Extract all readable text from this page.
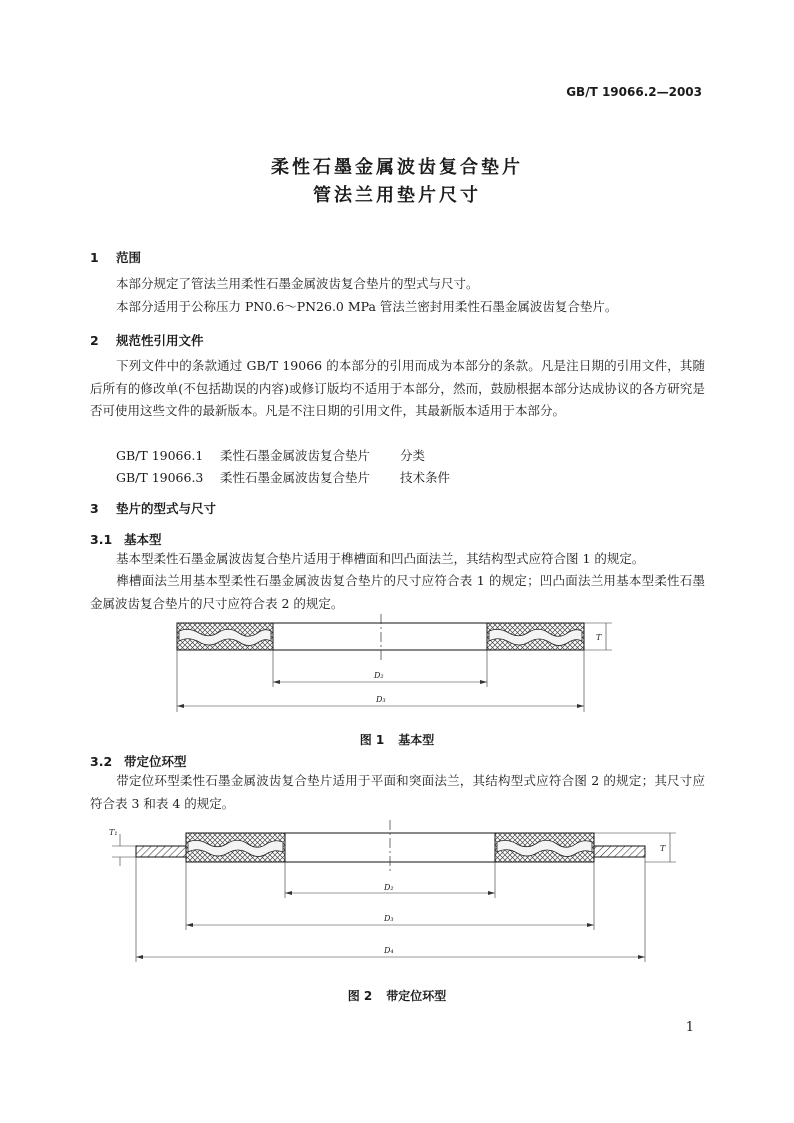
GB/T 19066.2—2003
柔性石墨金属波齿复合垫片
管法兰用垫片尺寸
1 范围
本部分规定了管法兰用柔性石墨金属波齿复合垫片的型式与尺寸。
本部分适用于公称压力 PN0.6～PN26.0 MPa 管法兰密封用柔性石墨金属波齿复合垫片。
2 规范性引用文件
下列文件中的条款通过 GB/T 19066 的本部分的引用而成为本部分的条款。凡是注日期的引用文件，其随后所有的修改单(不包括勘误的内容)或修订版均不适用于本部分，然而，鼓励根据本部分达成协议的各方研究是否可使用这些文件的最新版本。凡是不注日期的引用文件，其最新版本适用于本部分。
GB/T 19066.1 柔性石墨金属波齿复合垫片 分类
GB/T 19066.3 柔性石墨金属波齿复合垫片 技术条件
3 垫片的型式与尺寸
3.1 基本型
基本型柔性石墨金属波齿复合垫片适用于榫槽面和凹凸面法兰，其结构型式应符合图 1 的规定。
榫槽面法兰用基本型柔性石墨金属波齿复合垫片的尺寸应符合表 1 的规定；凹凸面法兰用基本型柔性石墨金属波齿复合垫片的尺寸应符合表 2 的规定。
T
D₂
D₃
图 1 基本型
3.2 带定位环型
带定位环型柔性石墨金属波齿复合垫片适用于平面和突面法兰，其结构型式应符合图 2 的规定；其尺寸应符合表 3 和表 4 的规定。
T₁
T
D₂
D₃
D₄
图 2 带定位环型
1
